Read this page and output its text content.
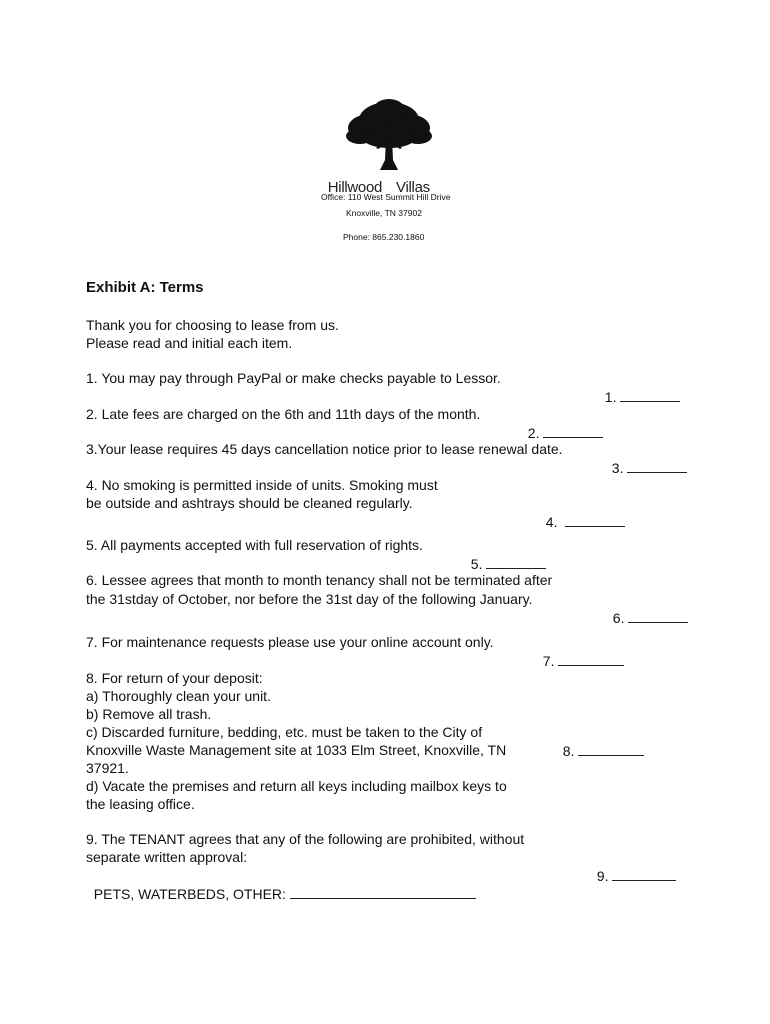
Hillwood Villas

Office: 110 West Summit Hill Drive
Knoxville, TN 37902
Phone: 865.230.1860
Exhibit A: Terms
Thank you for choosing to lease from us.
Please read and initial each item.
1. You may pay through PayPal or make checks payable to Lessor.

1.

2. Late fees are charged on the 6th and 11th days of the month.

2.

3.Your lease requires 45 days cancellation notice prior to lease renewal date.

3.

4. No smoking is permitted inside of units. Smoking must
be outside and ashtrays should be cleaned regularly.

4.

5. All payments accepted with full reservation of rights.

5.

6. Lessee agrees that month to month tenancy shall not be terminated after
the 31stday of October, nor before the 31st day of the following January.

6.

7. For maintenance requests please use your online account only.

7.

8. For return of your deposit:
a) Thoroughly clean your unit.
b) Remove all trash.
c) Discarded furniture, bedding, etc. must be taken to the City of
Knoxville Waste Management site at 1033 Elm Street, Knoxville, TN
37921.
d) Vacate the premises and return all keys including mailbox keys to
the leasing office.

8.

9. The TENANT agrees that any of the following are prohibited, without
separate written approval:

PETS, WATERBEDS, OTHER:

9.
